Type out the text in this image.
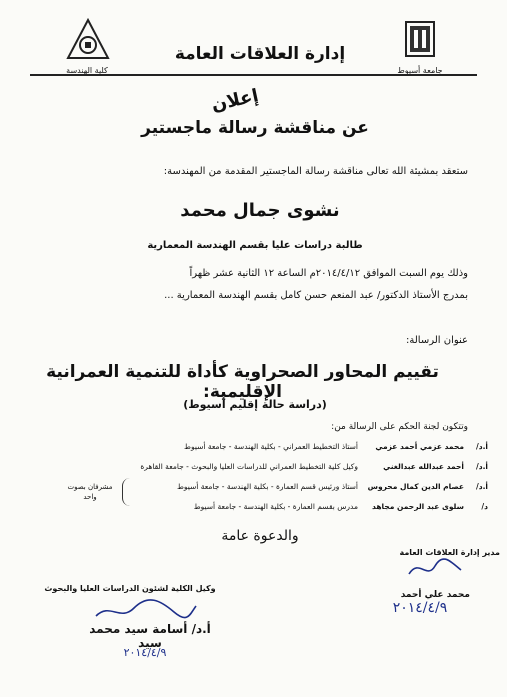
جامعة أسيوط
كلية الهندسة
إدارة العلاقات العامة
إعلان
عن مناقشة رسالة ماجستير
ستعقد بمشيئة الله تعالى مناقشة رسالة الماجستير المقدمة من المهندسة:
نشوى جمال محمد
طالبة دراسات عليا بقسم الهندسة المعمارية
وذلك يوم السبت الموافق ٢٠١٤/٤/١٢م الساعة ١٢ الثانية عشر ظهراً
بمدرج الأستاذ الدكتور/ عبد المنعم حسن كامل بقسم الهندسة المعمارية ...
عنوان الرسالة:
تقييم المحاور الصحراوية كأداة للتنمية العمرانية الإقليمية:
(دراسة حالة إقليم أسيوط)
وتتكون لجنة الحكم على الرسالة من:
أ.د/
محمد عزمي أحمد عزمي
أستاذ التخطيط العمراني - بكلية الهندسة - جامعة أسيوط
أ.د/
أحمد عبدالله عبدالغني
وكيل كلية التخطيط العمراني للدراسات العليا والبحوث - جامعة القاهرة
أ.د/
عصام الدين كمال محروس
أستاذ ورئيس قسم العمارة - بكلية الهندسة - جامعة أسيوط
د/
سلوى عبد الرحمن مجاهد
مدرس بقسم العمارة - بكلية الهندسة - جامعة أسيوط
مشرفان بصوت واحد
والدعوة عامة
مدير إدارة العلاقات العامة
محمد علي أحمد
٢٠١٤/٤/٩
وكيل الكلية لشئون الدراسات العليا والبحوث
أ.د/ أسامة سيد محمد سيد
٢٠١٤/٤/٩
